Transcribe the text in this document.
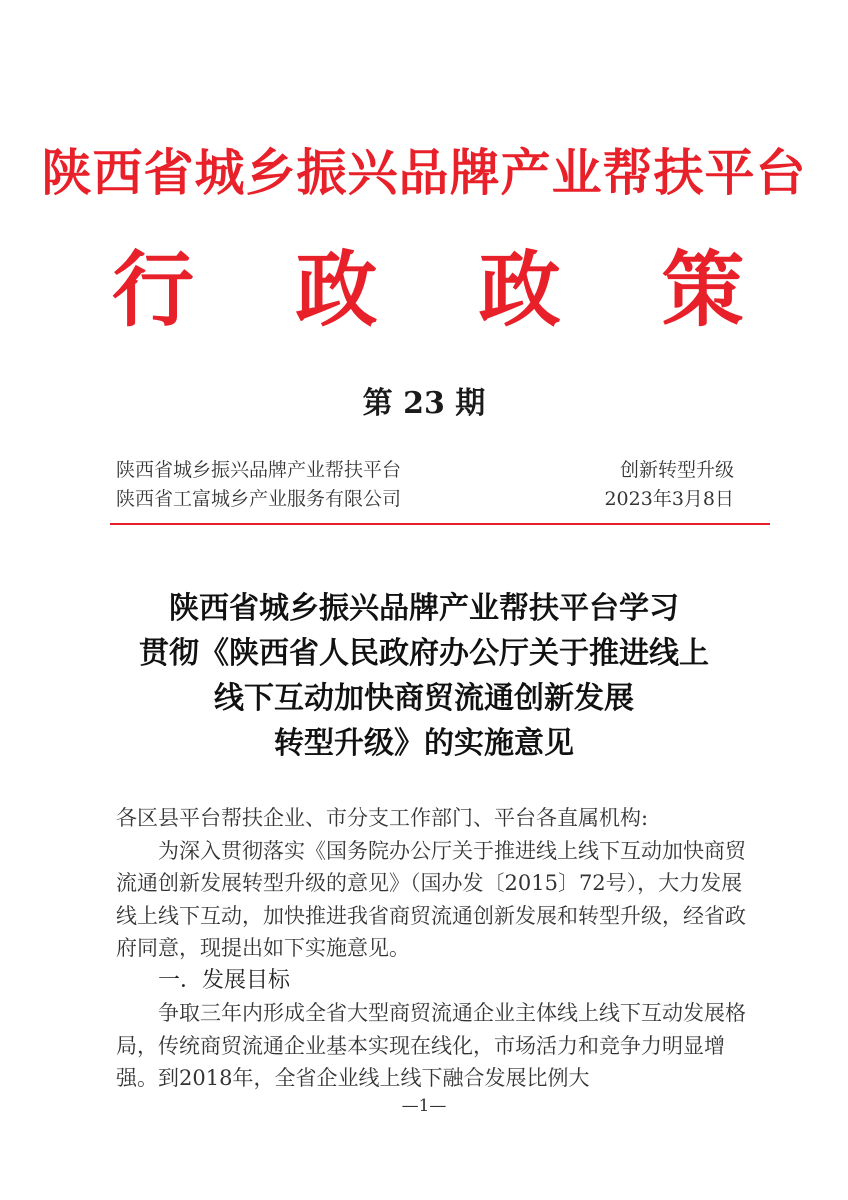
陕西省城乡振兴品牌产业帮扶平台
行 政 政 策
第 23 期
陕西省城乡振兴品牌产业帮扶平台
陕西省工富城乡产业服务有限公司
创新转型升级
2023年3月8日
陕西省城乡振兴品牌产业帮扶平台学习
贯彻《陕西省人民政府办公厅关于推进线上
线下互动加快商贸流通创新发展
转型升级》的实施意见

各区县平台帮扶企业、市分支工作部门、平台各直属机构:

为深入贯彻落实《国务院办公厅关于推进线上线下互动加快商贸流通创新发展转型升级的意见》（国办发〔2015〕72号），大力发展线上线下互动，加快推进我省商贸流通创新发展和转型升级，经省政府同意，现提出如下实施意见。

一．发展目标

争取三年内形成全省大型商贸流通企业主体线上线下互动发展格局，传统商贸流通企业基本实现在线化，市场活力和竞争力明显增强。到2018年，全省企业线上线下融合发展比例大

—1—
